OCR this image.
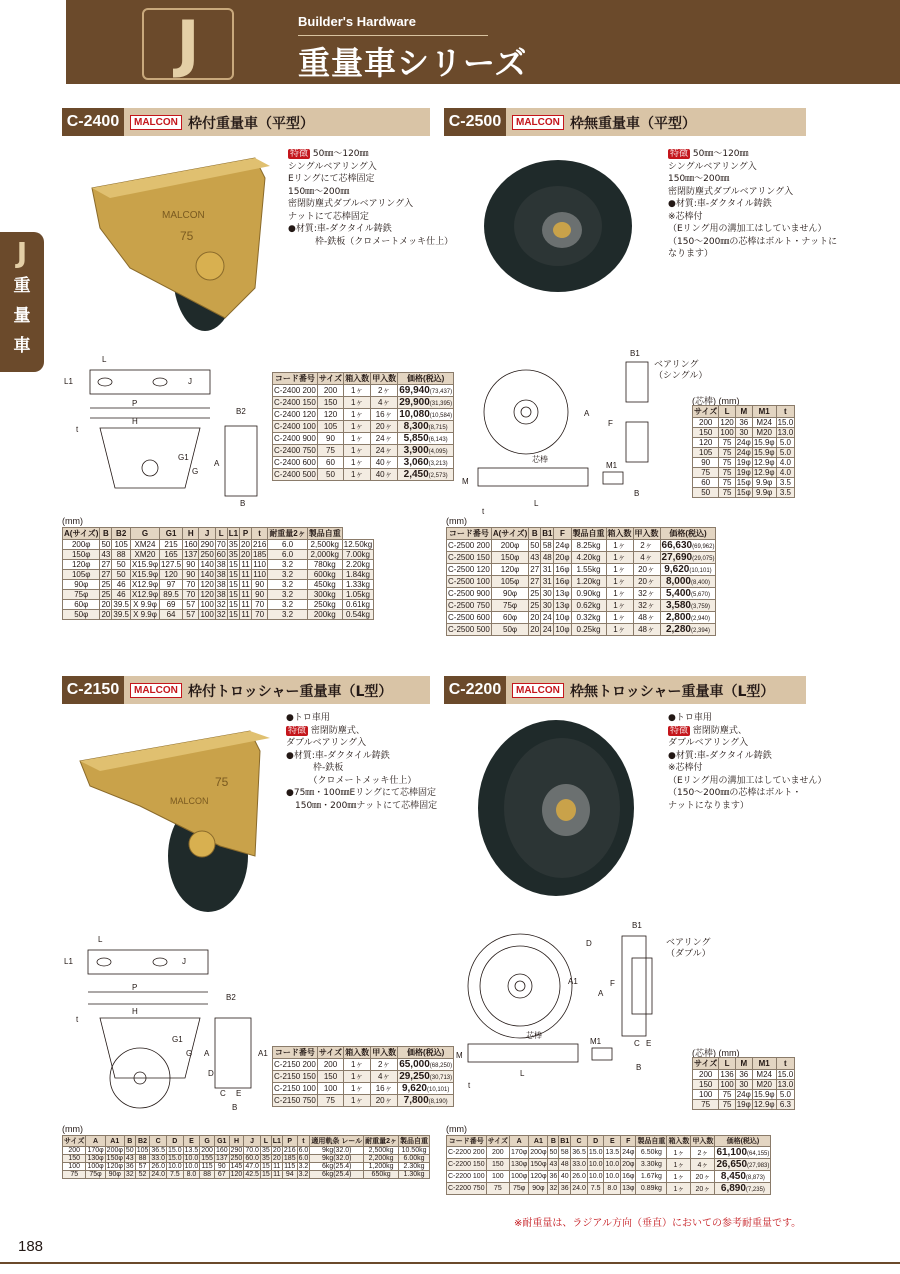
J	Builder's Hardware
重量車シリーズ
J
重
量
車
C-2400	MALCON 枠付重量車（平型）
MALCON
75
特徴 50㎜〜120㎜
シングルベアリング入
Eリングにて芯棒固定
150㎜〜200㎜
密閉防塵式ダブルベアリング入
ナットにて芯棒固定
●材質:車-ダクタイル鋳鉄
　　　枠-鉄板（クロメートメッキ仕上）
L
L1	J
P
H
t
G1
G
B2
A
B
コード番号	サイズ	箱入数	甲入数	価格(税込)
C-2400 200	200	1ヶ	2ヶ	69,940(73,437)
C-2400 150	150	1ヶ	4ヶ	29,900(31,395)
C-2400 120	120	1ヶ	16ヶ	10,080(10,584)
C-2400 100	105	1ヶ	20ヶ	8,300(8,715)
C-2400 900	90	1ヶ	24ヶ	5,850(6,143)
C-2400 750	75	1ヶ	24ヶ	3,900(4,095)
C-2400 600	60	1ヶ	40ヶ	3,060(3,213)
C-2400 500	50	1ヶ	40ヶ	2,450(2,573)
(mm)
A(サイズ)	B	B2	G	G1	H	J	L	L1	P	t	耐重量2ヶ	製品自重	
200φ	50	105	XM24	215	160	290	70	35	20	216	6.0	2,500kg	12.50kg
150φ	43	88	XM20	165	137	250	60	35	20	185	6.0	2,000kg	7.00kg
120φ	27	50	X15.9φ	127.5	90	140	38	15	11	110	3.2	780kg	2.20kg
105φ	27	50	X15.9φ	120	90	140	38	15	11	110	3.2	600kg	1.84kg
90φ	25	46	X12.9φ	97	70	120	38	15	11	90	3.2	450kg	1.33kg
75φ	25	46	X12.9φ	89.5	70	120	38	15	11	90	3.2	300kg	1.05kg
60φ	20	39.5	X 9.9φ	69	57	100	32	15	11	70	3.2	250kg	0.61kg
50φ	20	39.5	X 9.9φ	64	57	100	32	15	11	70	3.2	200kg	0.54kg
C-2500	MALCON 枠無重量車（平型）
特徴 50㎜〜120㎜
シングルベアリング入
150㎜〜200㎜
密閉防塵式ダブルベアリング入
●材質:車-ダクタイル鋳鉄
※芯棒付
（Eリング用の溝加工はしていません）
（150〜200㎜の芯棒はボルト・ナットに
なります）
B1
A
F
M
M1
L
t
B
芯棒
ベアリング
（シングル）
(芯棒) (mm)
サイズ	L	M	M1	t
200	120	36	M24	15.0
150	100	30	M20	13.0
120	75	24φ	15.9φ	5.0
105	75	24φ	15.9φ	5.0
90	75	19φ	12.9φ	4.0
75	75	19φ	12.9φ	4.0
60	75	15φ	9.9φ	3.5
50	75	15φ	9.9φ	3.5
(mm)
コード番号	A(サイズ)	B	B1	F	製品自重	箱入数	甲入数	価格(税込)
C-2500 200	200φ	50	58	24φ	8.25kg	1ヶ	2ヶ	66,630(69,962)
C-2500 150	150φ	43	48	20φ	4.20kg	1ヶ	4ヶ	27,690(29,075)
C-2500 120	120φ	27	31	16φ	1.55kg	1ヶ	20ヶ	9,620(10,101)
C-2500 100	105φ	27	31	16φ	1.20kg	1ヶ	20ヶ	8,000(8,400)
C-2500 900	90φ	25	30	13φ	0.90kg	1ヶ	32ヶ	5,400(5,670)
C-2500 750	75φ	25	30	13φ	0.62kg	1ヶ	32ヶ	3,580(3,759)
C-2500 600	60φ	20	24	10φ	0.32kg	1ヶ	48ヶ	2,800(2,940)
C-2500 500	50φ	20	24	10φ	0.25kg	1ヶ	48ヶ	2,280(2,394)
C-2150	MALCON 枠付トロッシャー重量車（L型）
75
MALCON
●トロ車用
特徴 密閉防塵式、
ダブルベアリング入
●材質:車-ダクタイル鋳鉄
　　　枠-鉄板
　　　（クロメートメッキ仕上）
●75㎜・100㎜Eリングにて芯棒固定
　150㎜・200㎜ナットにて芯棒固定
L
L1	J
P
H
t
G1
G
B2
A	A1
C E
D
B
コード番号	サイズ	箱入数	甲入数	価格(税込)
C-2150 200	200	1ヶ	2ヶ	65,000(68,250)
C-2150 150	150	1ヶ	4ヶ	29,250(30,713)
C-2150 100	100	1ヶ	16ヶ	9,620(10,101)
C-2150 750	75	1ヶ	20ヶ	7,800(8,190)
(mm)
サイズ	A	A1	B	B2	C	D	E	G	G1	H	J	L	L1	P	t	適用軌条 レール	耐重量2ヶ	製品自重
200	170φ	200φ	50	105	36.5	15.0	13.5	200	160	290	70.0	35	20	216	6.0	9kg(32.0)	2,500kg	10.50kg
150	130φ	150φ	43	88	33.0	15.0	10.0	155	137	250	60.0	35	20	185	6.0	9kg(32.0)	2,200kg	6.00kg
100	100φ	120φ	36	57	26.0	10.0	10.0	115	90	145	47.0	15	11	115	3.2	6kg(25.4)	1,200kg	2.30kg
75	75φ	90φ	32	52	24.0	7.5	8.0	88	67	120	42.5	15	11	94	3.2	6kg(25.4)	650kg	1.30kg
C-2200	MALCON 枠無トロッシャー重量車（L型）
●トロ車用
特徴 密閉防塵式、
ダブルベアリング入
●材質:車-ダクタイル鋳鉄
※芯棒付
（Eリング用の溝加工はしていません）
（150〜200㎜の芯棒はボルト・
ナットになります）
B1
D
A1
A
F
M
M1
L
t
C E
B
芯棒
ベアリング
（ダブル）
(芯棒) (mm)
サイズ	L	M	M1	t
200	136	36	M24	15.0
150	100	30	M20	13.0
100	75	24φ	15.9φ	5.0
75	75	19φ	12.9φ	6.3
(mm)
コード番号	サイズ	A	A1	B	B1	C	D	E	F	製品自重	箱入数	甲入数	価格(税込)
C-2200 200	200	170φ	200φ	50	58	36.5	15.0	13.5	24φ	6.50kg	1ヶ	2ヶ	61,100(64,155)
C-2200 150	150	130φ	150φ	43	48	33.0	10.0	10.0	20φ	3.30kg	1ヶ	4ヶ	26,650(27,983)
C-2200 100	100	100φ	120φ	36	40	26.0	10.0	10.0	16φ	1.67kg	1ヶ	20ヶ	8,450(8,873)
C-2200 750	75	75φ	90φ	32	36	24.0	7.5	8.0	13φ	0.89kg	1ヶ	20ヶ	6,890(7,235)
※耐重量は、ラジアル方向（垂直）においての参考耐重量です。
188
